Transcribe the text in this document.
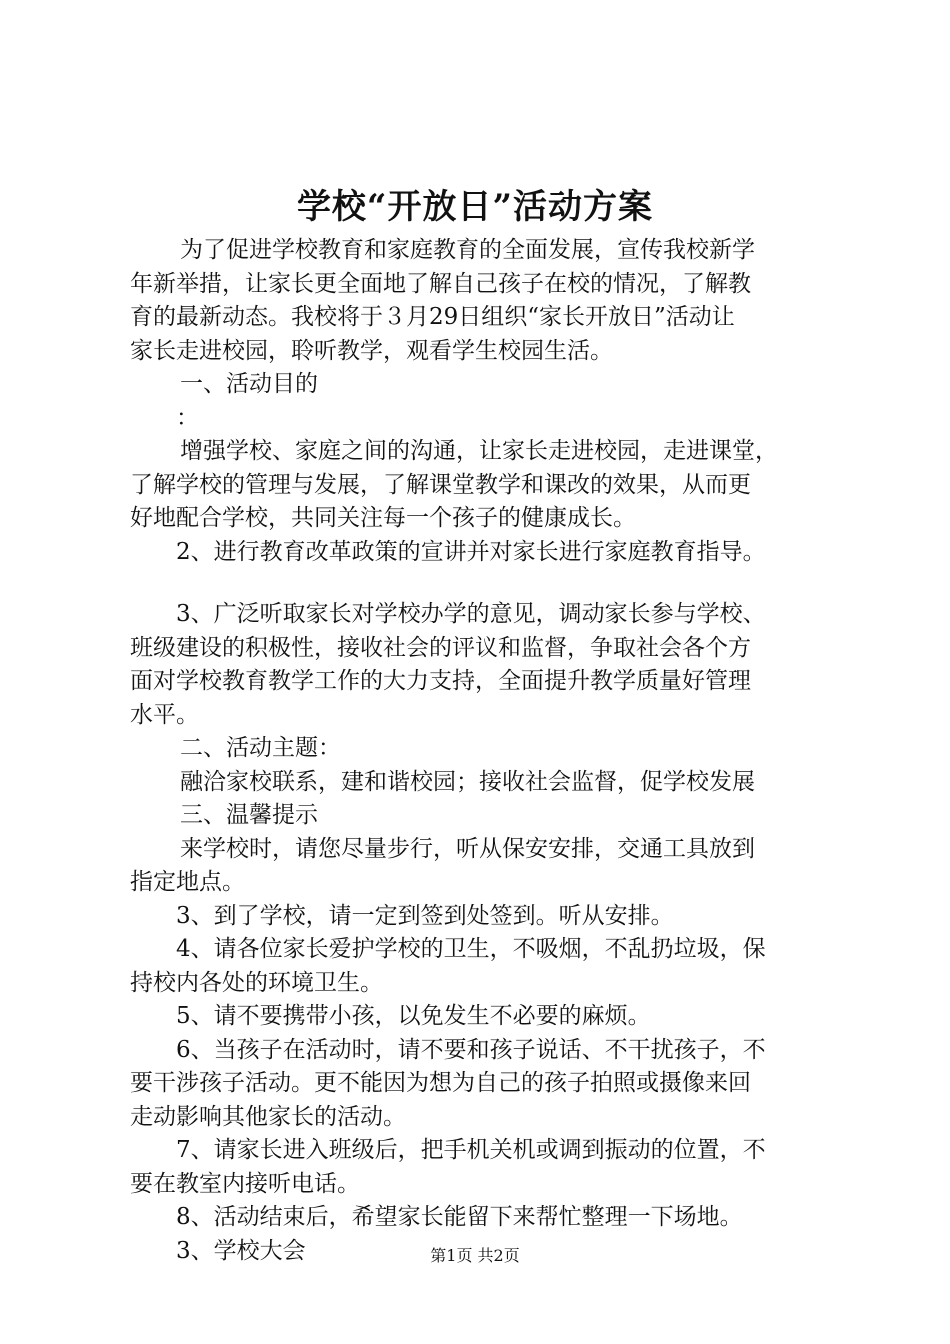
学校“开放日”活动方案

为了促进学校教育和家庭教育的全面发展，宣传我校新学

年新举措，让家长更全面地了解自己孩子在校的情况，了解教

育的最新动态。我校将于３月29日组织“家长开放日”活动让

家长走进校园，聆听教学，观看学生校园生活。

一、活动目的

：

增强学校、家庭之间的沟通，让家长走进校园，走进课堂，

了解学校的管理与发展，了解课堂教学和课改的效果，从而更

好地配合学校，共同关注每一个孩子的健康成长。

2、进行教育改革政策的宣讲并对家长进行家庭教育指导。

3、广泛听取家长对学校办学的意见，调动家长参与学校、

班级建设的积极性，接收社会的评议和监督，争取社会各个方

面对学校教育教学工作的大力支持，全面提升教学质量好管理

水平。

二、活动主题：

融洽家校联系，建和谐校园；接收社会监督，促学校发展

三、温馨提示

来学校时，请您尽量步行，听从保安安排，交通工具放到

指定地点。

3、到了学校，请一定到签到处签到。听从安排。

4、请各位家长爱护学校的卫生，不吸烟，不乱扔垃圾，保

持校内各处的环境卫生。

5、请不要携带小孩，以免发生不必要的麻烦。

6、当孩子在活动时，请不要和孩子说话、不干扰孩子，不

要干涉孩子活动。更不能因为想为自己的孩子拍照或摄像来回

走动影响其他家长的活动。

7、请家长进入班级后，把手机关机或调到振动的位置，不

要在教室内接听电话。

8、活动结束后，希望家长能留下来帮忙整理一下场地。

3、学校大会	第1页 共2页
